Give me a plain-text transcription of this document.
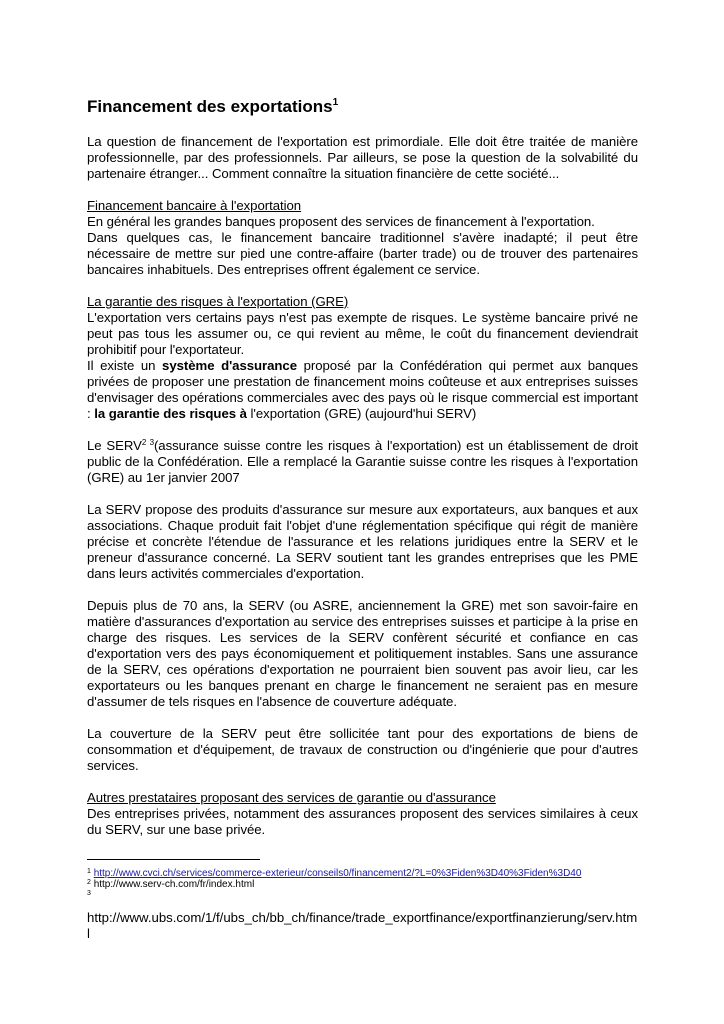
Financement des exportations$^1$

La question de financement de l'exportation est primordiale. Elle doit être traitée de manière professionnelle, par des professionnels. Par ailleurs, se pose la question de la solvabilité du partenaire étranger... Comment connaître la situation financière de cette société...

Financement bancaire à l'exportation
En général les grandes banques proposent des services de financement à l'exportation.
Dans quelques cas, le financement bancaire traditionnel s'avère inadapté; il peut être nécessaire de mettre sur pied une contre-affaire (barter trade) ou de trouver des partenaires bancaires inhabituels. Des entreprises offrent également ce service.

La garantie des risques à l'exportation (GRE)
L'exportation vers certains pays n'est pas exempte de risques. Le système bancaire privé ne peut pas tous les assumer ou, ce qui revient au même, le coût du financement deviendrait prohibitif pour l'exportateur.
Il existe un système d'assurance proposé par la Confédération qui permet aux banques privées de proposer une prestation de financement moins coûteuse et aux entreprises suisses d'envisager des opérations commerciales avec des pays où le risque commercial est important : la garantie des risques à l'exportation (GRE) (aujourd'hui SERV)

Le SERV$^{2 3}$(assurance suisse contre les risques à l'exportation) est un établissement de droit public de la Confédération. Elle a remplacé la Garantie suisse contre les risques à l'exportation (GRE) au 1er janvier 2007

La SERV propose des produits d'assurance sur mesure aux exportateurs, aux banques et aux associations. Chaque produit fait l'objet d'une réglementation spécifique qui régit de manière précise et concrète l'étendue de l'assurance et les relations juridiques entre la SERV et le preneur d'assurance concerné. La SERV soutient tant les grandes entreprises que les PME dans leurs activités commerciales d'exportation.

Depuis plus de 70 ans, la SERV (ou ASRE, anciennement la GRE) met son savoir-faire en matière d'assurances d'exportation au service des entreprises suisses et participe à la prise en charge des risques. Les services de la SERV confèrent sécurité et confiance en cas d'exportation vers des pays économiquement et politiquement instables. Sans une assurance de la SERV, ces opérations d'exportation ne pourraient bien souvent pas avoir lieu, car les exportateurs ou les banques prenant en charge le financement ne seraient pas en mesure d'assumer de tels risques en l'absence de couverture adéquate.

La couverture de la SERV peut être sollicitée tant pour des exportations de biens de consommation et d'équipement, de travaux de construction ou d'ingénierie que pour d'autres services.

Autres prestataires proposant des services de garantie ou d'assurance
Des entreprises privées, notamment des assurances proposent des services similaires à ceux du SERV, sur une base privée.

$^1$ http://www.cvci.ch/services/commerce-exterieur/conseils0/financement2/?L=0%3Fiden%3D40%3Fiden%3D40
$^2$ http://www.serv-ch.com/fr/index.html
$^3$
http://www.ubs.com/1/f/ubs_ch/bb_ch/finance/trade_exportfinance/exportfinanzierung/serv.html
